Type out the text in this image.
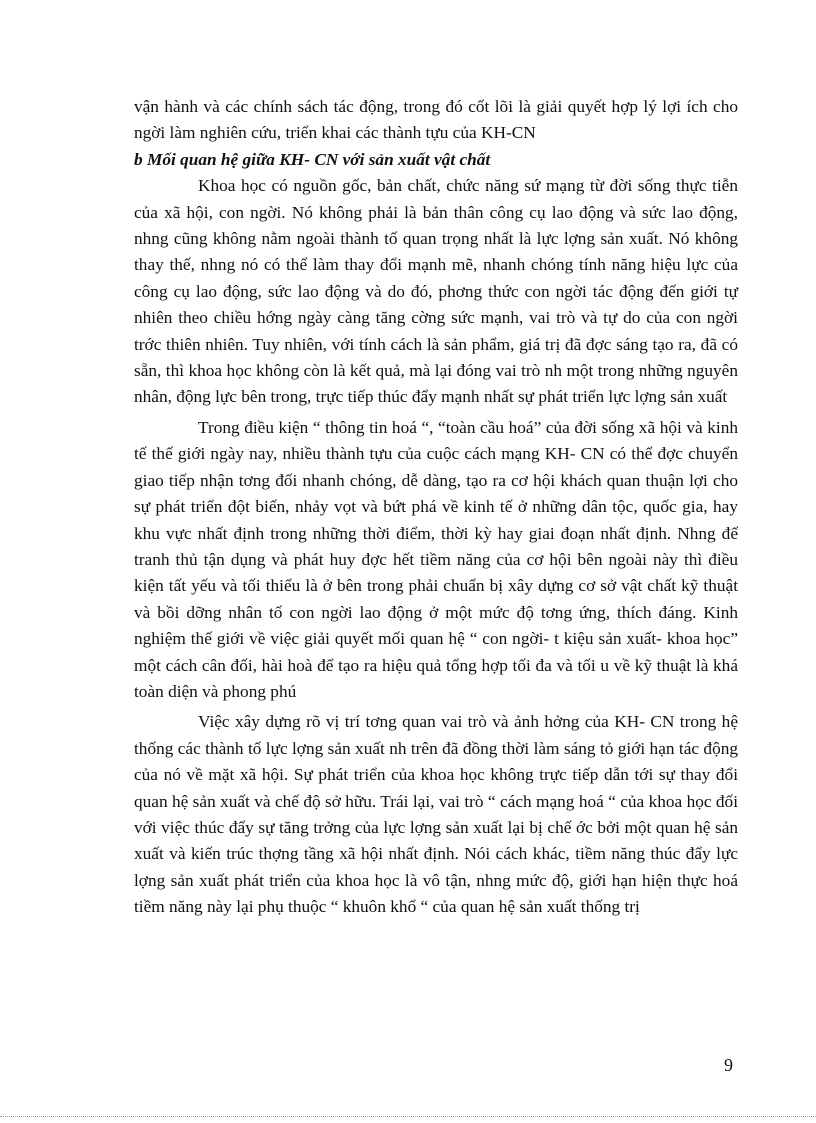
vận hành và các chính sách tác động, trong đó cốt lõi là giải quyết hợp lý lợi ích cho ngời làm nghiên cứu, triển khai các thành tựu của KH-CN

b Mối quan hệ giữa KH- CN với sản xuất vật chất

Khoa học có nguồn gốc, bản chất, chức năng sứ mạng từ đời sống thực tiễn của xã hội, con ngời. Nó không phải là bản thân công cụ lao động và sức lao động, nhng cũng không nằm ngoài thành tố quan trọng nhất là lực lợng sản xuất. Nó không thay thế, nhng nó có thể làm thay đổi mạnh mẽ, nhanh chóng tính năng hiệu lực của công cụ lao động, sức lao động và do đó, phơng thức con ngời tác động đến giới tự nhiên theo chiều hớng ngày càng tăng cờng sức mạnh, vai trò và tự do của con ngời trớc thiên nhiên. Tuy nhiên, với tính cách là sản phẩm, giá trị đã đợc sáng tạo ra, đã có sẵn, thì khoa học không còn là kết quả, mà lại đóng vai trò nh một trong những nguyên nhân, động lực bên trong, trực tiếp thúc đẩy mạnh nhất sự phát triển lực lợng sản xuất

Trong điều kiện “ thông tin hoá “, “toàn cầu hoá” của đời sống xã hội và kinh tế thế giới ngày nay, nhiều thành tựu của cuộc cách mạng KH- CN có thể đợc chuyển giao tiếp nhận tơng đối nhanh chóng, dễ dàng, tạo ra cơ hội khách quan thuận lợi cho sự phát triển đột biến, nhảy vọt và bứt phá về kinh tế ở những dân tộc, quốc gia, hay khu vực nhất định trong những thời điểm, thời kỳ hay giai đoạn nhất định. Nhng để tranh thủ tận dụng và phát huy đợc hết tiềm năng của cơ hội bên ngoài này thì điều kiện tất yếu và tối thiểu là ở bên trong phải chuẩn bị xây dựng cơ sở vật chất kỹ thuật và bồi dỡng nhân tố con ngời lao động ở một mức độ tơng ứng, thích đáng. Kinh nghiệm thế giới về việc giải quyết mối quan hệ “ con ngời- t kiệu sản xuất- khoa học” một cách cân đối, hài hoà để tạo ra hiệu quả tổng hợp tối đa và tối u về kỹ thuật là khá toàn diện và phong phú

Việc xây dựng rõ vị trí tơng quan vai trò và ảnh hởng của KH- CN trong hệ thống các thành tố lực lợng sản xuất nh trên đã đồng thời làm sáng tỏ giới hạn tác động của nó về mặt xã hội. Sự phát triển của khoa học không trực tiếp dẫn tới sự thay đổi quan hệ sản xuất và chế độ sở hữu. Trái lại, vai trò “ cách mạng hoá “ của khoa học đối với việc thúc đẩy sự tăng trởng của lực lợng sản xuất lại bị chế ớc bởi một quan hệ sản xuất và kiến trúc thợng tầng xã hội nhất định. Nói cách khác, tiềm năng thúc đẩy lực lợng sản xuất phát triển của khoa học là vô tận, nhng mức độ, giới hạn hiện thực hoá tiềm năng này lại phụ thuộc “ khuôn khổ “ của quan hệ sản xuất thống trị

9
